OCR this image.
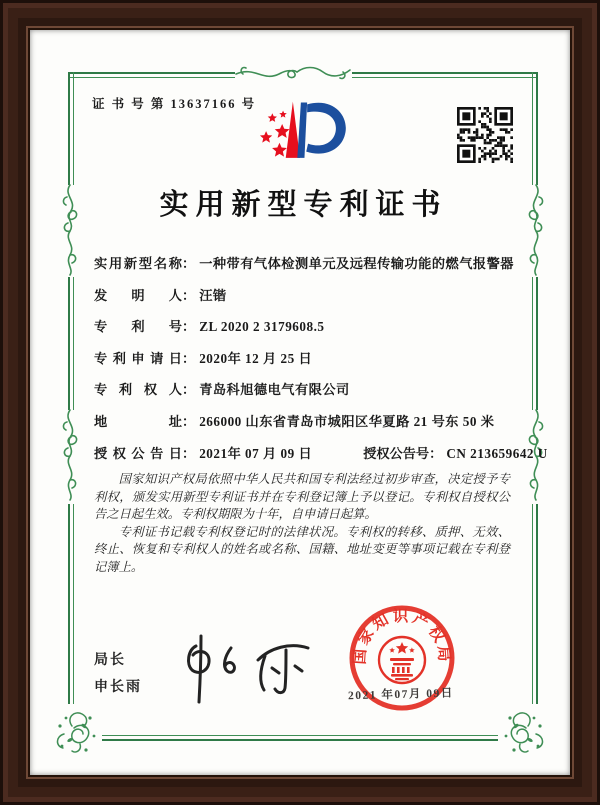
证 书 号 第 13637166 号
实用新型专利证书
实用新型名称： 一种带有气体检测单元及远程传输功能的燃气报警器
发明人： 汪锴
专利号： ZL 2020 2 3179608.5
专利申请日： 2020年 12 月 25 日
专利权人： 青岛科旭德电气有限公司
地址： 266000 山东省青岛市城阳区华夏路 21 号东 50 米
授权公告日： 2021年 07 月 09 日	授权公告号： CN 213659642 U

国家知识产权局依照中华人民共和国专利法经过初步审查，决定授予专利权，颁发实用新型专利证书并在专利登记簿上予以登记。专利权自授权公告之日起生效。专利权期限为十年，自申请日起算。

专利证书记载专利权登记时的法律状况。专利权的转移、质押、无效、终止、恢复和专利权人的姓名或名称、国籍、地址变更等事项记载在专利登记簿上。

局长
申长雨
国家知识产权局
2021 年07月 09日
